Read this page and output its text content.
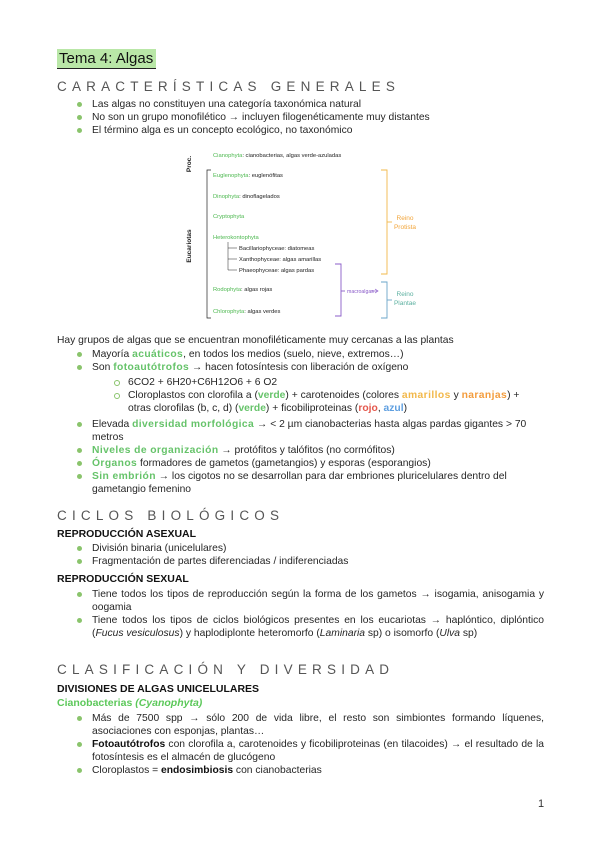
Tema 4: Algas
CARACTERÍSTICAS GENERALES
Las algas no constituyen una categoría taxonómica natural
No son un grupo monofilético → incluyen filogenéticamente muy distantes
El término alga es un concepto ecológico, no taxonómico
Proc.
Eucariotas
Cianophyta: cianobacterias, algas verde-azuladas
Euglenophyta: euglenófitas
Dinophyta: dinoflagelados
Cryptophyta
Heterokontophyta
Bacillariophyceae: diatomeas
Xanthophyceae: algas amarillas
Phaeophyceae: algas pardas
Rodophyta: algas rojas
Chlorophyta: algas verdes
Reino
Protista
macroalgas	Reino
Plantae
Hay grupos de algas que se encuentran monofiléticamente muy cercanas a las plantas
Mayoría acuáticos, en todos los medios (suelo, nieve, extremos…)
Son fotoautótrofos → hacen fotosíntesis con liberación de oxígeno
6CO2 + 6H20+C6H12O6 + 6 O2
Cloroplastos con clorofila a (verde) + carotenoides (colores amarillos y naranjas) + otras clorofilas (b, c, d) (verde) + ficobiliproteinas (rojo, azul)
Elevada diversidad morfológica → < 2 µm cianobacterias hasta algas pardas gigantes > 70 metros
Niveles de organización → protófitos y talófitos (no cormófitos)
Órganos formadores de gametos (gametangios) y esporas (esporangios)
Sin embrión → los cigotos no se desarrollan para dar embriones pluricelulares dentro del gametangio femenino
CICLOS BIOLÓGICOS
REPRODUCCIÓN ASEXUAL
División binaria (unicelulares)
Fragmentación de partes diferenciadas / indiferenciadas
REPRODUCCIÓN SEXUAL
Tiene todos los tipos de reproducción según la forma de los gametos → isogamia, anisogamia y oogamia
Tiene todos los tipos de ciclos biológicos presentes en los eucariotas → haplóntico, diplóntico (Fucus vesiculosus) y haplodiplonte heteromorfo (Laminaria sp) o isomorfo (Ulva sp)
CLASIFICACIÓN Y DIVERSIDAD
DIVISIONES DE ALGAS UNICELULARES
Cianobacterias (Cyanophyta)
Más de 7500 spp → sólo 200 de vida libre, el resto son simbiontes formando líquenes, asociaciones con esponjas, plantas…
Fotoautótrofos con clorofila a, carotenoides y ficobiliproteinas (en tilacoides) → el resultado de la fotosíntesis es el almacén de glucógeno
Cloroplastos = endosimbiosis con cianobacterias
1
